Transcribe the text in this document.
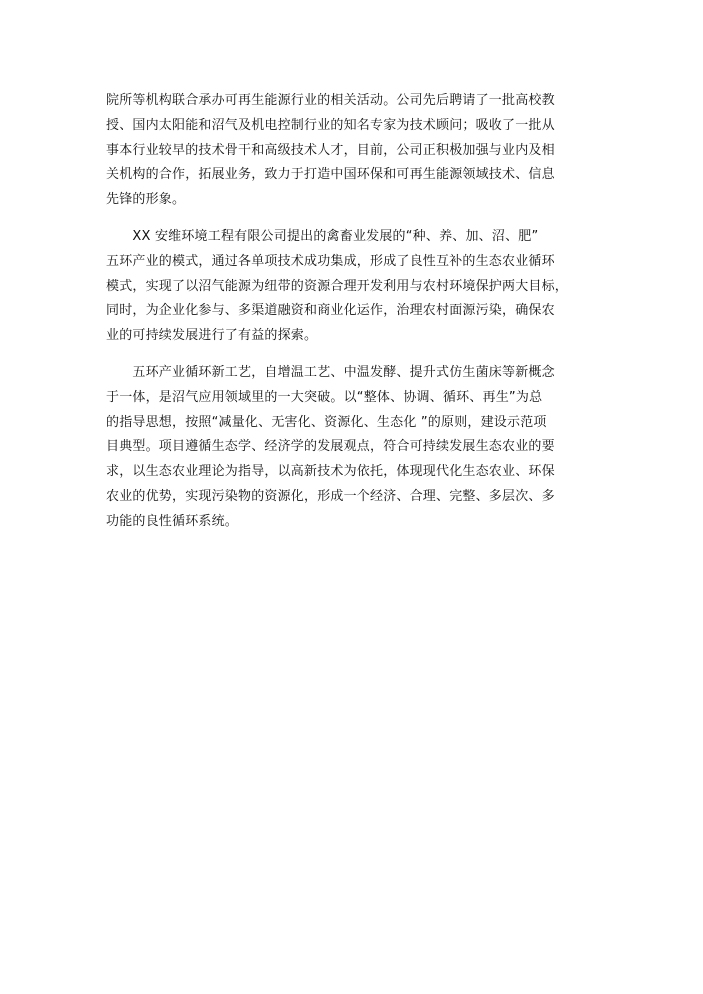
院所等机构联合承办可再生能源行业的相关活动。公司先后聘请了一批高校教
授、国内太阳能和沼气及机电控制行业的知名专家为技术顾问；吸收了一批从
事本行业较早的技术骨干和高级技术人才，目前，公司正积极加强与业内及相
关机构的合作，拓展业务，致力于打造中国环保和可再生能源领域技术、信息
先锋的形象。
　　XX 安维环境工程有限公司提出的禽畜业发展的“种、养、加、沼、肥”
五环产业的模式，通过各单项技术成功集成，形成了良性互补的生态农业循环
模式，实现了以沼气能源为纽带的资源合理开发利用与农村环境保护两大目标，
同时，为企业化参与、多渠道融资和商业化运作，治理农村面源污染，确保农
业的可持续发展进行了有益的探索。
　　五环产业循环新工艺，自增温工艺、中温发酵、提升式仿生菌床等新概念
于一体，是沼气应用领域里的一大突破。以“整体、协调、循环、再生”为总
的指导思想，按照“减量化、无害化、资源化、生态化 ”的原则，建设示范项
目典型。项目遵循生态学、经济学的发展观点，符合可持续发展生态农业的要
求，以生态农业理论为指导，以高新技术为依托，体现现代化生态农业、环保
农业的优势，实现污染物的资源化，形成一个经济、合理、完整、多层次、多
功能的良性循环系统。
